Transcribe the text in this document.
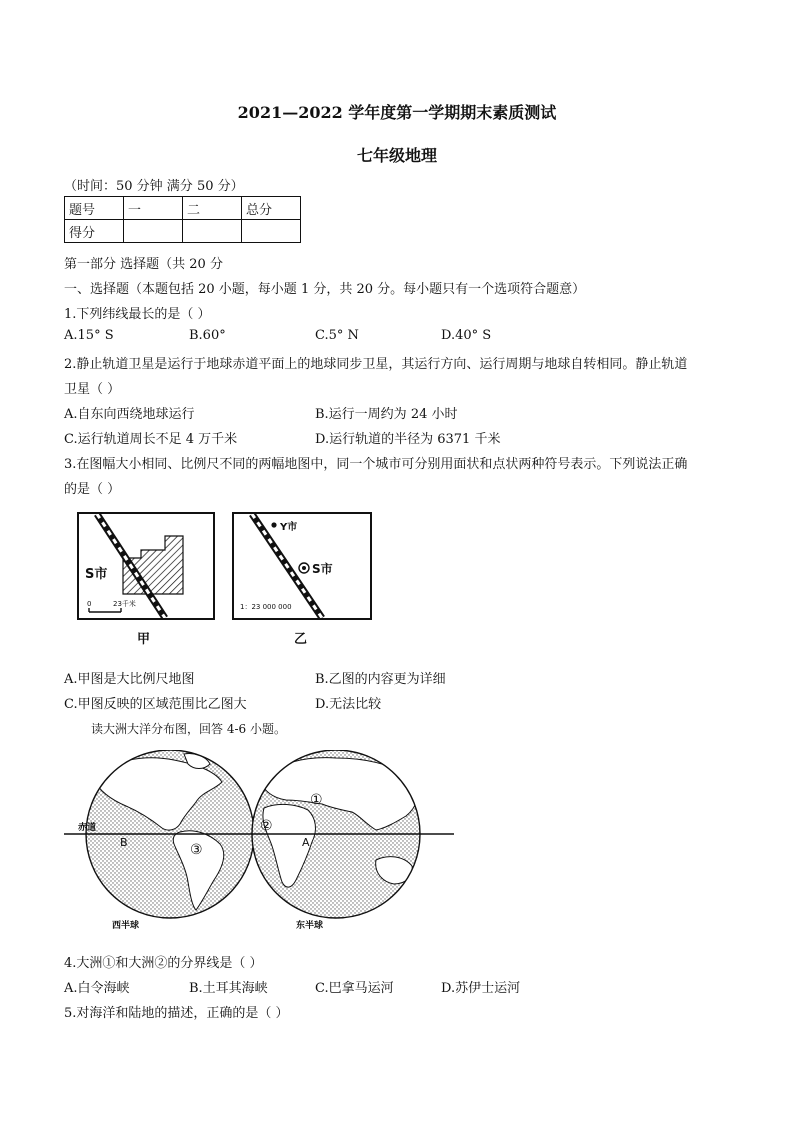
2021—2022 学年度第一学期期末素质测试
七年级地理
（时间：50 分钟 满分 50 分）
题号	一	二	总分
得分			
第一部分 选择题（共 20 分
一、选择题（本题包括 20 小题，每小题 1 分，共 20 分。每小题只有一个选项符合题意）
1.下列纬线最长的是（ ）
A.15° S	B.60°	C.5° N	D.40° S
2.静止轨道卫星是运行于地球赤道平面上的地球同步卫星，其运行方向、运行周期与地球自转相同。静止轨道
卫星（ ）
A.自东向西绕地球运行	B.运行一周约为 24 小时
C.运行轨道周长不足 4 万千米	D.运行轨道的半径为 6371 千米
3.在图幅大小相同、比例尺不同的两幅地图中，同一个城市可分别用面状和点状两种符号表示。下列说法正确
的是（ ）
S市
0	23千米
甲
Y市
S市
1：23 000 000
乙
A.甲图是大比例尺地图	B.乙图的内容更为详细
C.甲图反映的区域范围比乙图大	D.无法比较
读大洲大洋分布图，回答 4-6 小题。
赤道
B	A
①
②
③
西半球	东半球
4.大洲①和大洲②的分界线是（ ）
A.白令海峡	B.土耳其海峡	C.巴拿马运河	D.苏伊士运河
5.对海洋和陆地的描述，正确的是（ ）
